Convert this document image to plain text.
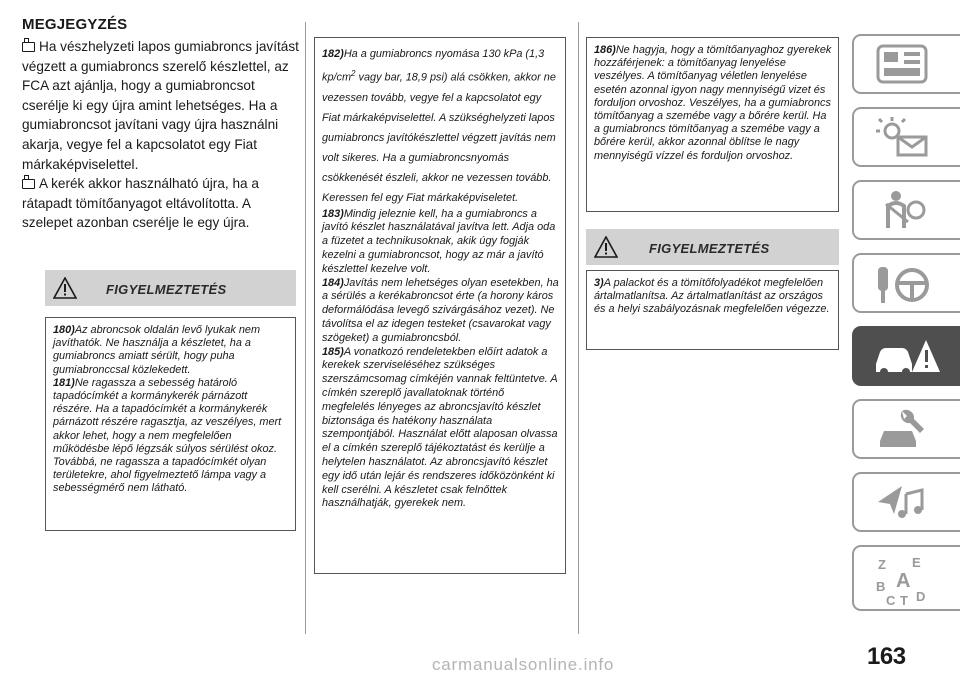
MEGJEGYZÉS

Ha vészhelyzeti lapos gumiabroncs javítást végzett a gumiabroncs szerelő készlettel, az FCA azt ajánlja, hogy a gumiabroncsot cserélje ki egy újra amint lehetséges. Ha a gumiabroncsot javítani vagy újra használni akarja, vegye fel a kapcsolatot egy Fiat márkaképviselettel.

A kerék akkor használható újra, ha a rátapadt tömítőanyagot eltávolította. A szelepet azonban cserélje le egy újra.

FIGYELMEZTETÉS

180)Az abroncsok oldalán levő lyukak nem javíthatók. Ne használja a készletet, ha a gumiabroncs amiatt sérült, hogy puha gumiabronccsal közlekedett.

181)Ne ragassza a sebesség határoló tapadócímkét a kormánykerék párnázott részére. Ha a tapadócímkét a kormánykerék párnázott részére ragasztja, az veszélyes, mert akkor lehet, hogy a nem megfelelően működésbe lépő légzsák súlyos sérülést okoz. Továbbá, ne ragassza a tapadócímkét olyan területekre, ahol figyelmeztető lámpa vagy a sebességmérő nem látható.

182)Ha a gumiabroncs nyomása 130 kPa (1,3 $kp/cm^2$ vagy bar, 18,9 psi) alá csökken, akkor ne vezessen tovább, vegye fel a kapcsolatot egy Fiat márkaképviselettel. A szükséghelyzeti lapos gumiabroncs javítókészlettel végzett javítás nem volt sikeres. Ha a gumiabroncsnyomás csökkenését észleli, akkor ne vezessen tovább. Keressen fel egy Fiat márkaképviseletet.

183)Mindig jeleznie kell, ha a gumiabroncs a javító készlet használatával javítva lett. Adja oda a füzetet a technikusoknak, akik úgy fogják kezelni a gumiabroncsot, hogy az már a javító készlettel kezelve volt.

184)Javítás nem lehetséges olyan esetekben, ha a sérülés a kerékabroncsot érte (a horony káros deformálódása levegő szivárgásához vezet). Ne távolítsa el az idegen testeket (csavarokat vagy szögeket) a gumiabroncsból.

185)A vonatkozó rendeletekben előírt adatok a kerekek szerviseléséhez szükséges szerszámcsomag címkéjén vannak feltüntetve. A címkén szereplő javallatoknak történő megfelelés lényeges az abroncsjavító készlet biztonsága és hatékony használata szempontjából. Használat előtt alaposan olvassa el a címkén szereplő tájékoztatást és kerülje a helytelen használatot. Az abroncsjavító készlet egy idő után lejár és rendszeres időközönként ki kell cserélni. A készletet csak felnőttek használhatják, gyerekek nem.

186)Ne hagyja, hogy a tömítőanyaghoz gyerekek hozzáférjenek: a tömítőanyag lenyelése veszélyes. A tömítőanyag véletlen lenyelése esetén azonnal igyon nagy mennyiségű vizet és forduljon orvoshoz. Veszélyes, ha a gumiabroncs tömítőanyag a szemébe vagy a bőrére kerül. Ha a gumiabroncs tömítőanyag a szemébe vagy a bőrére kerül, akkor azonnal öblítse le nagy mennyiségű vízzel és forduljon orvoshoz.

FIGYELMEZTETÉS

3)A palackot és a tömítőfolyadékot megfelelően ártalmatlanítsa. Az ártalmatlanítást az országos és a helyi szabályozásnak megfelelően végezze.

Z E
A
B
C T D
163
carmanualsonline.info
